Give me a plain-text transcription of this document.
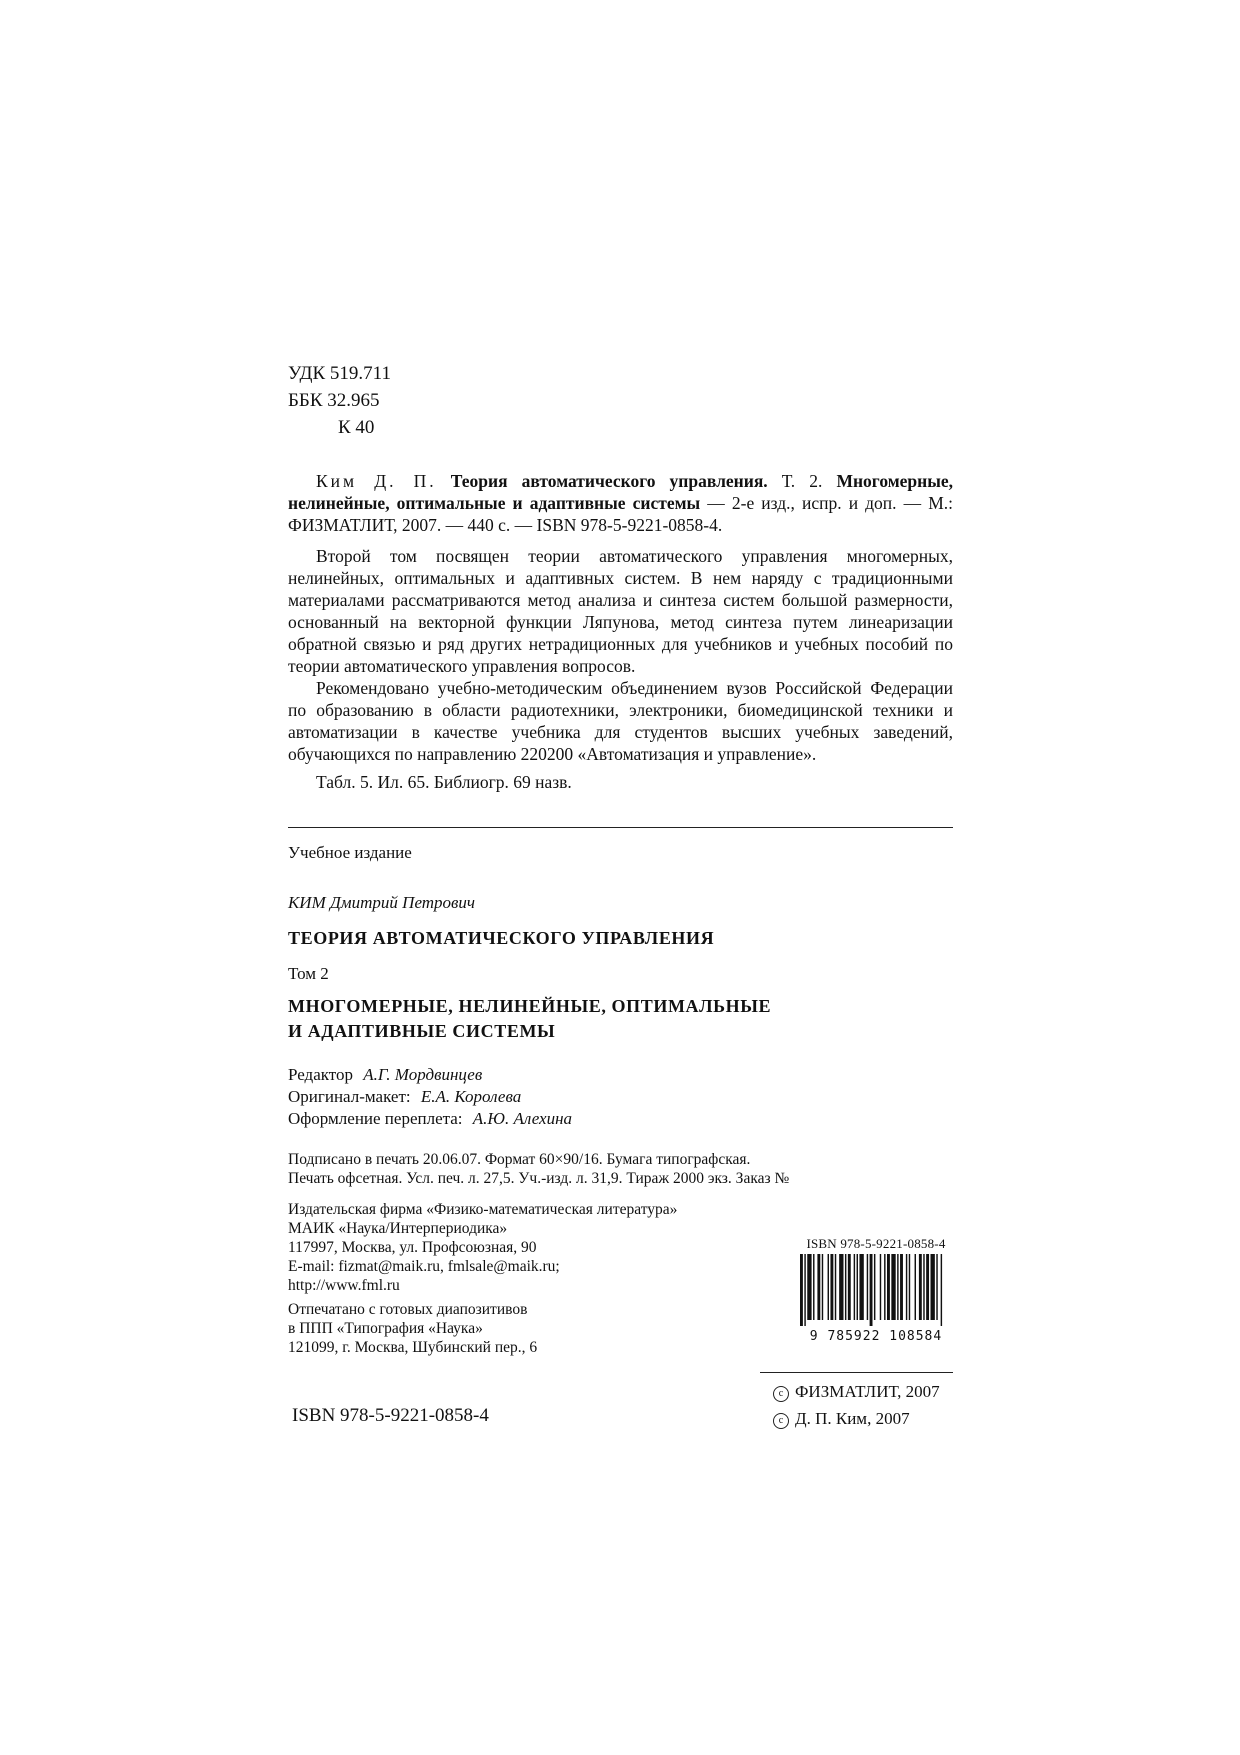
УДК 519.711
ББК 32.965
К 40

Ким Д. П. Теория автоматического управления. Т. 2. Многомерные, нелинейные, оптимальные и адаптивные системы — 2-е изд., испр. и доп. — М.: ФИЗМАТЛИТ, 2007. — 440 с. — ISBN 978-5-9221-0858-4.

Второй том посвящен теории автоматического управления многомерных, нелинейных, оптимальных и адаптивных систем. В нем наряду с традиционными материалами рассматриваются метод анализа и синтеза систем большой размерности, основанный на векторной функции Ляпунова, метод синтеза путем линеаризации обратной связью и ряд других нетрадиционных для учебников и учебных пособий по теории автоматического управления вопросов.

Рекомендовано учебно-методическим объединением вузов Российской Федерации по образованию в области радиотехники, электроники, биомедицинской техники и автоматизации в качестве учебника для студентов высших учебных заведений, обучающихся по направлению 220200 «Автоматизация и управление».

Табл. 5. Ил. 65. Библиогр. 69 назв.

Учебное издание
КИМ Дмитрий Петрович
ТЕОРИЯ АВТОМАТИЧЕСКОГО УПРАВЛЕНИЯ
Том 2
МНОГОМЕРНЫЕ, НЕЛИНЕЙНЫЕ, ОПТИМАЛЬНЫЕ
И АДАПТИВНЫЕ СИСТЕМЫ
Редактор А.Г. Мордвинцев
Оригинал-макет: Е.А. Королева
Оформление переплета: А.Ю. Алехина
Подписано в печать 20.06.07. Формат 60×90/16. Бумага типографская.
Печать офсетная. Усл. печ. л. 27,5. Уч.-изд. л. 31,9. Тираж 2000 экз. Заказ №
Издательская фирма «Физико-математическая литература»
МАИК «Наука/Интерпериодика»
117997, Москва, ул. Профсоюзная, 90
E-mail: fizmat@maik.ru, fmlsale@maik.ru;
http://www.fml.ru
Отпечатано с готовых диапозитивов
в ППП «Типография «Наука»
121099, г. Москва, Шубинский пер., 6
ISBN 978-5-9221-0858-4
9 785922 108584
ISBN 978-5-9221-0858-4
c ФИЗМАТЛИТ, 2007
c Д. П. Ким, 2007
